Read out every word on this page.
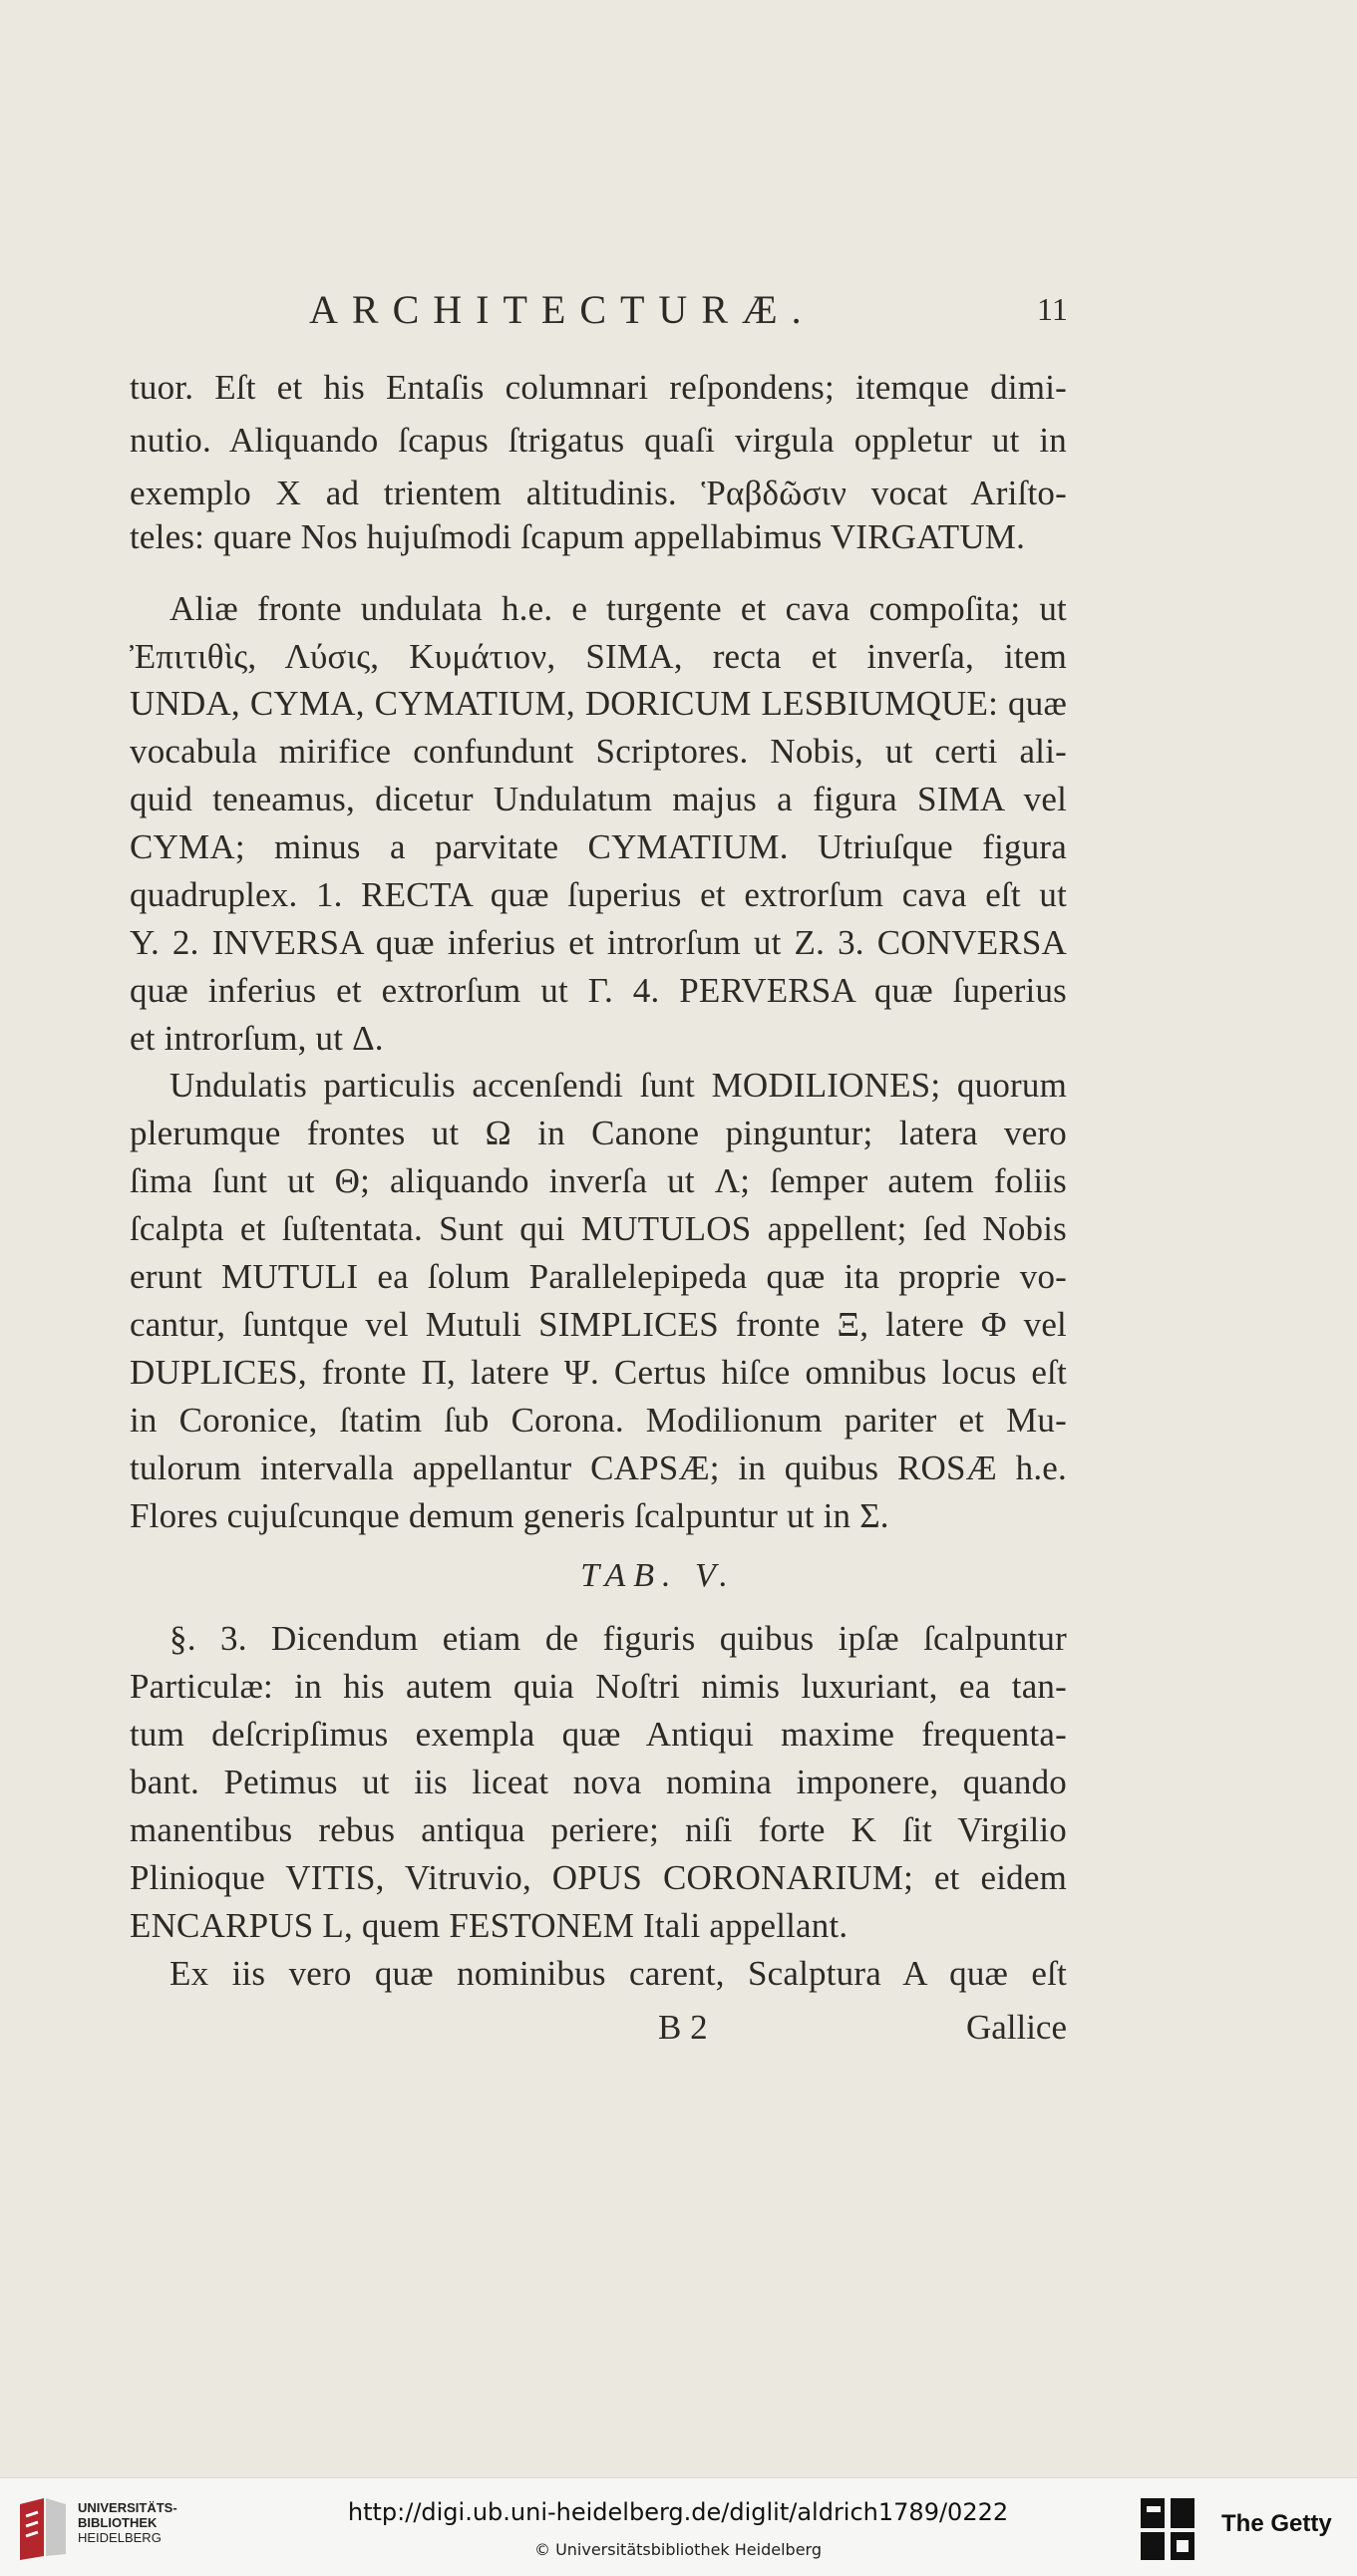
ARCHITECTURÆ.	11
tuor. Eſt et his Entaſis columnari reſpondens; itemque dimi-
nutio. Aliquando ſcapus ſtrigatus quaſi virgula oppletur ut in
exemplo X ad trientem altitudinis. Ῥαβδῶσιν vocat Ariſto-
teles: quare Nos hujuſmodi ſcapum appellabimus VIRGATUM.
Aliæ fronte undulata h.e. e turgente et cava compoſita; ut
Ἐπιτιθὶς, Λύσις, Κυμάτιον, SIMA, recta et inverſa, item
UNDA, CYMA, CYMATIUM, DORICUM LESBIUMQUE: quæ
vocabula mirifice confundunt Scriptores. Nobis, ut certi ali-
quid teneamus, dicetur Undulatum majus a figura SIMA vel
CYMA; minus a parvitate CYMATIUM. Utriuſque figura
quadruplex. 1. RECTA quæ ſuperius et extrorſum cava eſt ut
Y. 2. INVERSA quæ inferius et introrſum ut Z. 3. CONVERSA
quæ inferius et extrorſum ut Γ. 4. PERVERSA quæ ſuperius
et introrſum, ut Δ.
Undulatis particulis accenſendi ſunt MODILIONES; quorum
plerumque frontes ut Ω in Canone pinguntur; latera vero
ſima ſunt ut Θ; aliquando inverſa ut Λ; ſemper autem foliis
ſcalpta et ſuſtentata. Sunt qui MUTULOS appellent; ſed Nobis
erunt MUTULI ea ſolum Parallelepipeda quæ ita proprie vo-
cantur, ſuntque vel Mutuli SIMPLICES fronte Ξ, latere Φ vel
DUPLICES, fronte Π, latere Ψ. Certus hiſce omnibus locus eſt
in Coronice, ſtatim ſub Corona. Modilionum pariter et Mu-
tulorum intervalla appellantur CAPSÆ; in quibus ROSÆ h.e.
Flores cujuſcunque demum generis ſcalpuntur ut in Σ.
§. 3. Dicendum etiam de figuris quibus ipſæ ſcalpuntur
Particulæ: in his autem quia Noſtri nimis luxuriant, ea tan-
tum deſcripſimus exempla quæ Antiqui maxime frequenta-
bant. Petimus ut iis liceat nova nomina imponere, quando
manentibus rebus antiqua periere; niſi forte K ſit Virgilio
Plinioque VITIS, Vitruvio, OPUS CORONARIUM; et eidem
ENCARPUS L, quem FESTONEM Itali appellant.
Ex iis vero quæ nominibus carent, Scalptura A quæ eſt
TAB. V.
B 2	Gallice
UNIVERSITÄTS-
BIBLIOTHEK
HEIDELBERG
http://digi.ub.uni-heidelberg.de/diglit/aldrich1789/0222
© Universitätsbibliothek Heidelberg
The Getty
